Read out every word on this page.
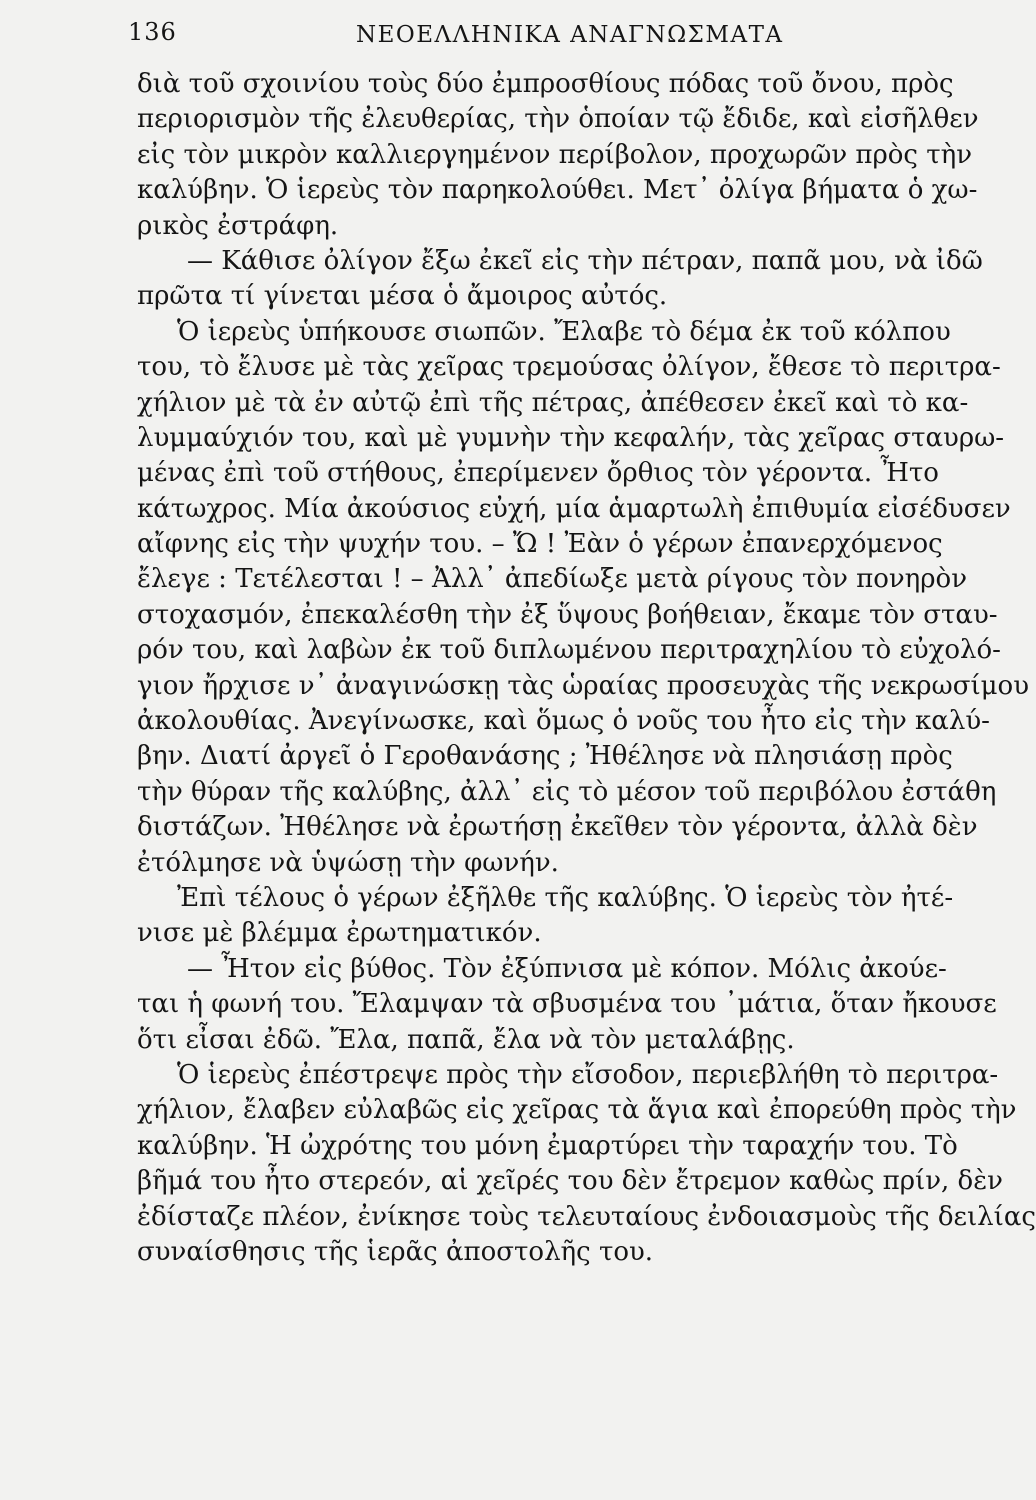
136	ΝΕΟΕΛΛΗΝΙΚΑ ΑΝΑΓΝΩΣΜΑΤΑ
διὰ τοῦ σχοινίου τοὺς δύο ἐμπροσθίους πόδας τοῦ ὄνου, πρὸς
περιορισμὸν τῆς ἐλευθερίας, τὴν ὁποίαν τῷ ἔδιδε, καὶ εἰσῆλθεν
εἰς τὸν μικρὸν καλλιεργημένον περίβολον, προχωρῶν πρὸς τὴν
καλύβην. Ὁ ἱερεὺς τὸν παρηκολούθει. Μετ᾽ ὀλίγα βήματα ὁ χω-
ρικὸς ἐστράφη.
— Κάθισε ὀλίγον ἔξω ἐκεῖ εἰς τὴν πέτραν, παπᾶ μου, νὰ ἰδῶ
πρῶτα τί γίνεται μέσα ὁ ἄμοιρος αὐτός.
Ὁ ἱερεὺς ὑπήκουσε σιωπῶν. Ἔλαβε τὸ δέμα ἐκ τοῦ κόλπου
του, τὸ ἔλυσε μὲ τὰς χεῖρας τρεμούσας ὀλίγον, ἔθεσε τὸ περιτρα-
χήλιον μὲ τὰ ἐν αὐτῷ ἐπὶ τῆς πέτρας, ἀπέθεσεν ἐκεῖ καὶ τὸ κα-
λυμμαύχιόν του, καὶ μὲ γυμνὴν τὴν κεφαλήν, τὰς χεῖρας σταυρω-
μένας ἐπὶ τοῦ στήθους, ἐπερίμενεν ὄρθιος τὸν γέροντα. Ἦτο
κάτωχρος. Μία ἀκούσιος εὐχή, μία ἁμαρτωλὴ ἐπιθυμία εἰσέδυσεν
αἴφνης εἰς τὴν ψυχήν του. – Ὤ ! Ἐὰν ὁ γέρων ἐπανερχόμενος
ἔλεγε : Τετέλεσται ! – Ἀλλ᾽ ἀπεδίωξε μετὰ ρίγους τὸν πονηρὸν
στοχασμόν, ἐπεκαλέσθη τὴν ἐξ ὕψους βοήθειαν, ἔκαμε τὸν σταυ-
ρόν του, καὶ λαβὼν ἐκ τοῦ διπλωμένου περιτραχηλίου τὸ εὐχολό-
γιον ἤρχισε ν᾽ ἀναγινώσκῃ τὰς ὡραίας προσευχὰς τῆς νεκρωσίμου
ἀκολουθίας. Ἀνεγίνωσκε, καὶ ὅμως ὁ νοῦς του ἦτο εἰς τὴν καλύ-
βην. Διατί ἀργεῖ ὁ Γεροθανάσης ; Ἠθέλησε νὰ πλησιάσῃ πρὸς
τὴν θύραν τῆς καλύβης, ἀλλ᾽ εἰς τὸ μέσον τοῦ περιβόλου ἐστάθη
διστάζων. Ἠθέλησε νὰ ἐρωτήσῃ ἐκεῖθεν τὸν γέροντα, ἀλλὰ δὲν
ἐτόλμησε νὰ ὑψώσῃ τὴν φωνήν.
Ἐπὶ τέλους ὁ γέρων ἐξῆλθε τῆς καλύβης. Ὁ ἱερεὺς τὸν ἠτέ-
νισε μὲ βλέμμα ἐρωτηματικόν.
— Ἦτον εἰς βύθος. Τὸν ἐξύπνισα μὲ κόπον. Μόλις ἀκούε-
ται ἡ φωνή του. Ἔλαμψαν τὰ σβυσμένα του ᾽μάτια, ὅταν ἤκουσε
ὅτι εἶσαι ἐδῶ. Ἔλα, παπᾶ, ἔλα νὰ τὸν μεταλάβῃς.
Ὁ ἱερεὺς ἐπέστρεψε πρὸς τὴν εἴσοδον, περιεβλήθη τὸ περιτρα-
χήλιον, ἔλαβεν εὐλαβῶς εἰς χεῖρας τὰ ἅγια καὶ ἐπορεύθη πρὸς τὴν
καλύβην. Ἡ ὠχρότης του μόνη ἐμαρτύρει τὴν ταραχήν του. Τὸ
βῆμά του ἦτο στερεόν, αἱ χεῖρές του δὲν ἔτρεμον καθὼς πρίν, δὲν
ἐδίσταζε πλέον, ἐνίκησε τοὺς τελευταίους ἐνδοιασμοὺς τῆς δειλίας
συναίσθησις τῆς ἱερᾶς ἀποστολῆς του.
